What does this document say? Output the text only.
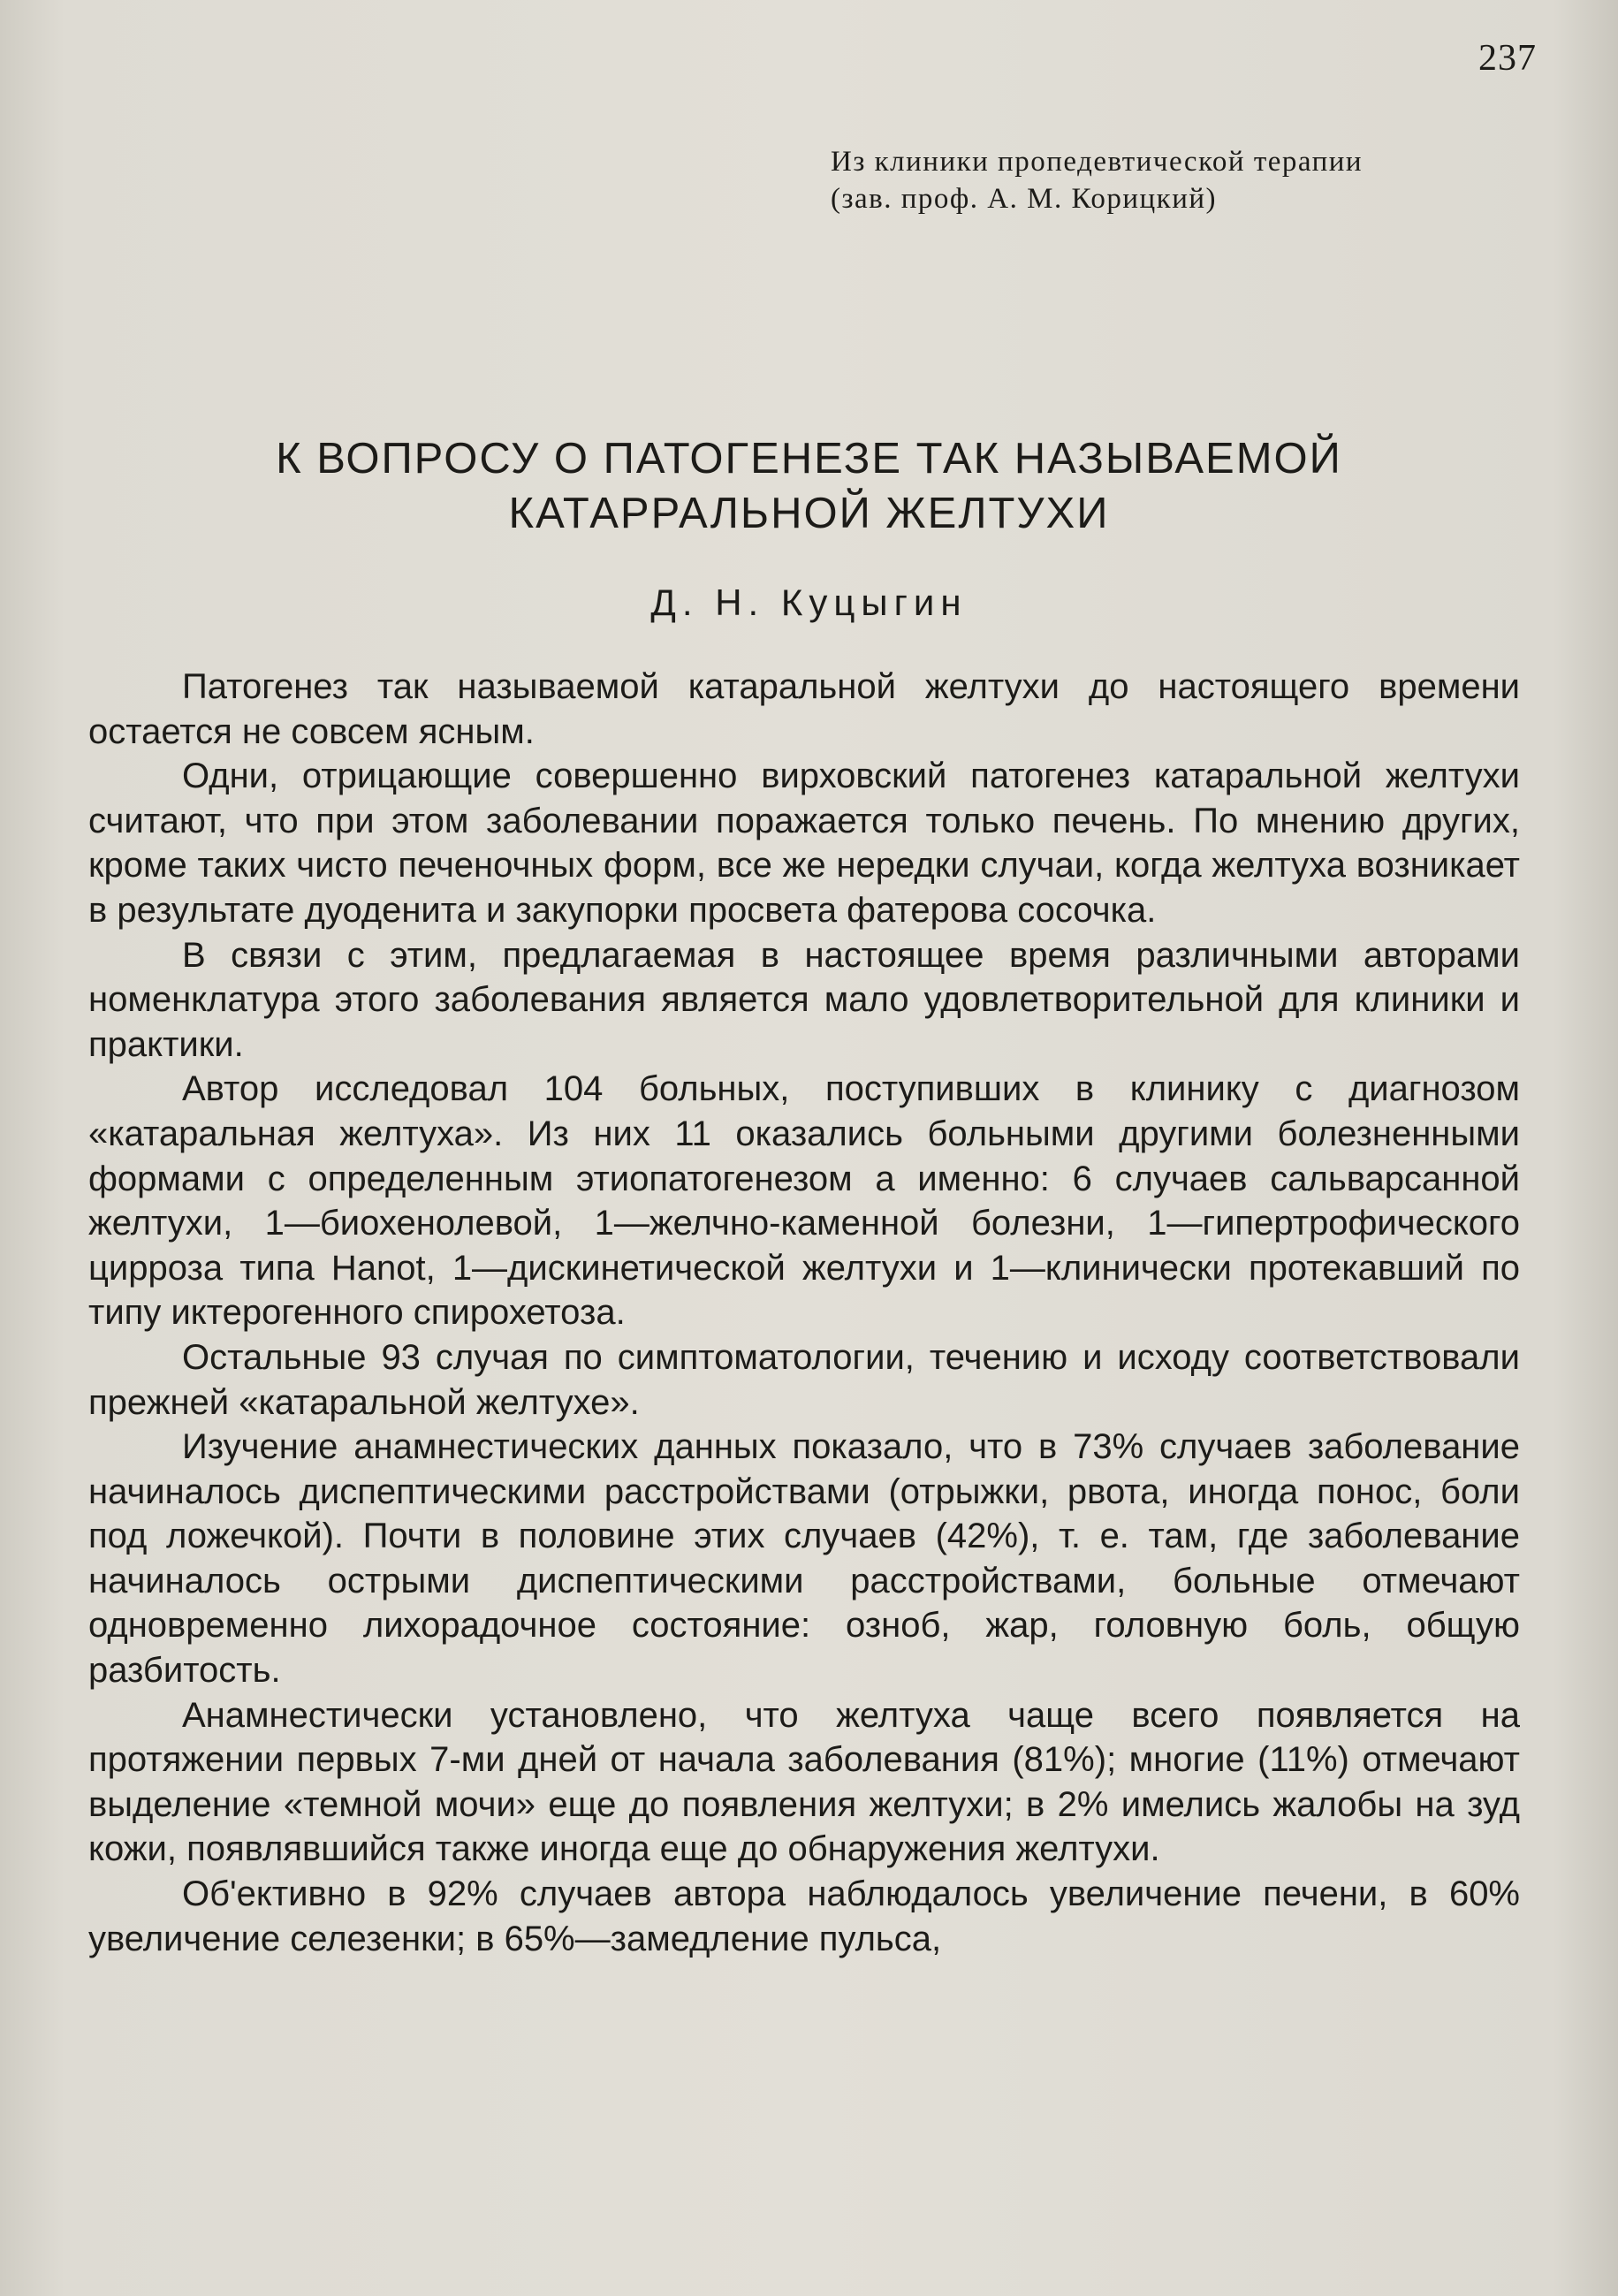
237
Из клиники пропедевтической терапии
(зав. проф. А. М. Корицкий)
К ВОПРОСУ О ПАТОГЕНЕЗЕ ТАК НАЗЫВАЕМОЙ
КАТАРРАЛЬНОЙ ЖЕЛТУХИ
Д. Н. Куцыгин

Патогенез так называемой катаральной желтухи до настоящего времени остается не совсем ясным.

Одни, отрицающие совершенно вирховский патогенез катаральной желтухи считают, что при этом заболевании поражается только печень. По мнению других, кроме таких чисто печеночных форм, все же нередки случаи, когда желтуха возникает в результате дуоденита и закупорки просвета фатерова сосочка.

В связи с этим, предлагаемая в настоящее время различными авторами номенклатура этого заболевания является мало удовлетворительной для клиники и практики.

Автор исследовал 104 больных, поступивших в клинику с диагнозом «катаральная желтуха». Из них 11 оказались больными другими болезненными формами с определенным этиопатогенезом а именно: 6 случаев сальварсанной желтухи, 1—биохенолевой, 1—желчно-каменной болезни, 1—гипертрофического цирроза типа Hanot, 1—дискинетической желтухи и 1—клинически протекавший по типу иктерогенного спирохетоза.

Остальные 93 случая по симптоматологии, течению и исходу соответствовали прежней «катаральной желтухе».

Изучение анамнестических данных показало, что в 73% случаев заболевание начиналось диспептическими расстройствами (отрыжки, рвота, иногда понос, боли под ложечкой). Почти в половине этих случаев (42%), т. е. там, где заболевание начиналось острыми диспептическими расстройствами, больные отмечают одновременно лихорадочное состояние: озноб, жар, головную боль, общую разбитость.

Анамнестически установлено, что желтуха чаще всего появляется на протяжении первых 7-ми дней от начала заболевания (81%); многие (11%) отмечают выделение «темной мочи» еще до появления желтухи; в 2% имелись жалобы на зуд кожи, появлявшийся также иногда еще до обнаружения желтухи.

Об'ективно в 92% случаев автора наблюдалось увеличение печени, в 60% увеличение селезенки; в 65%—замедление пульса,
